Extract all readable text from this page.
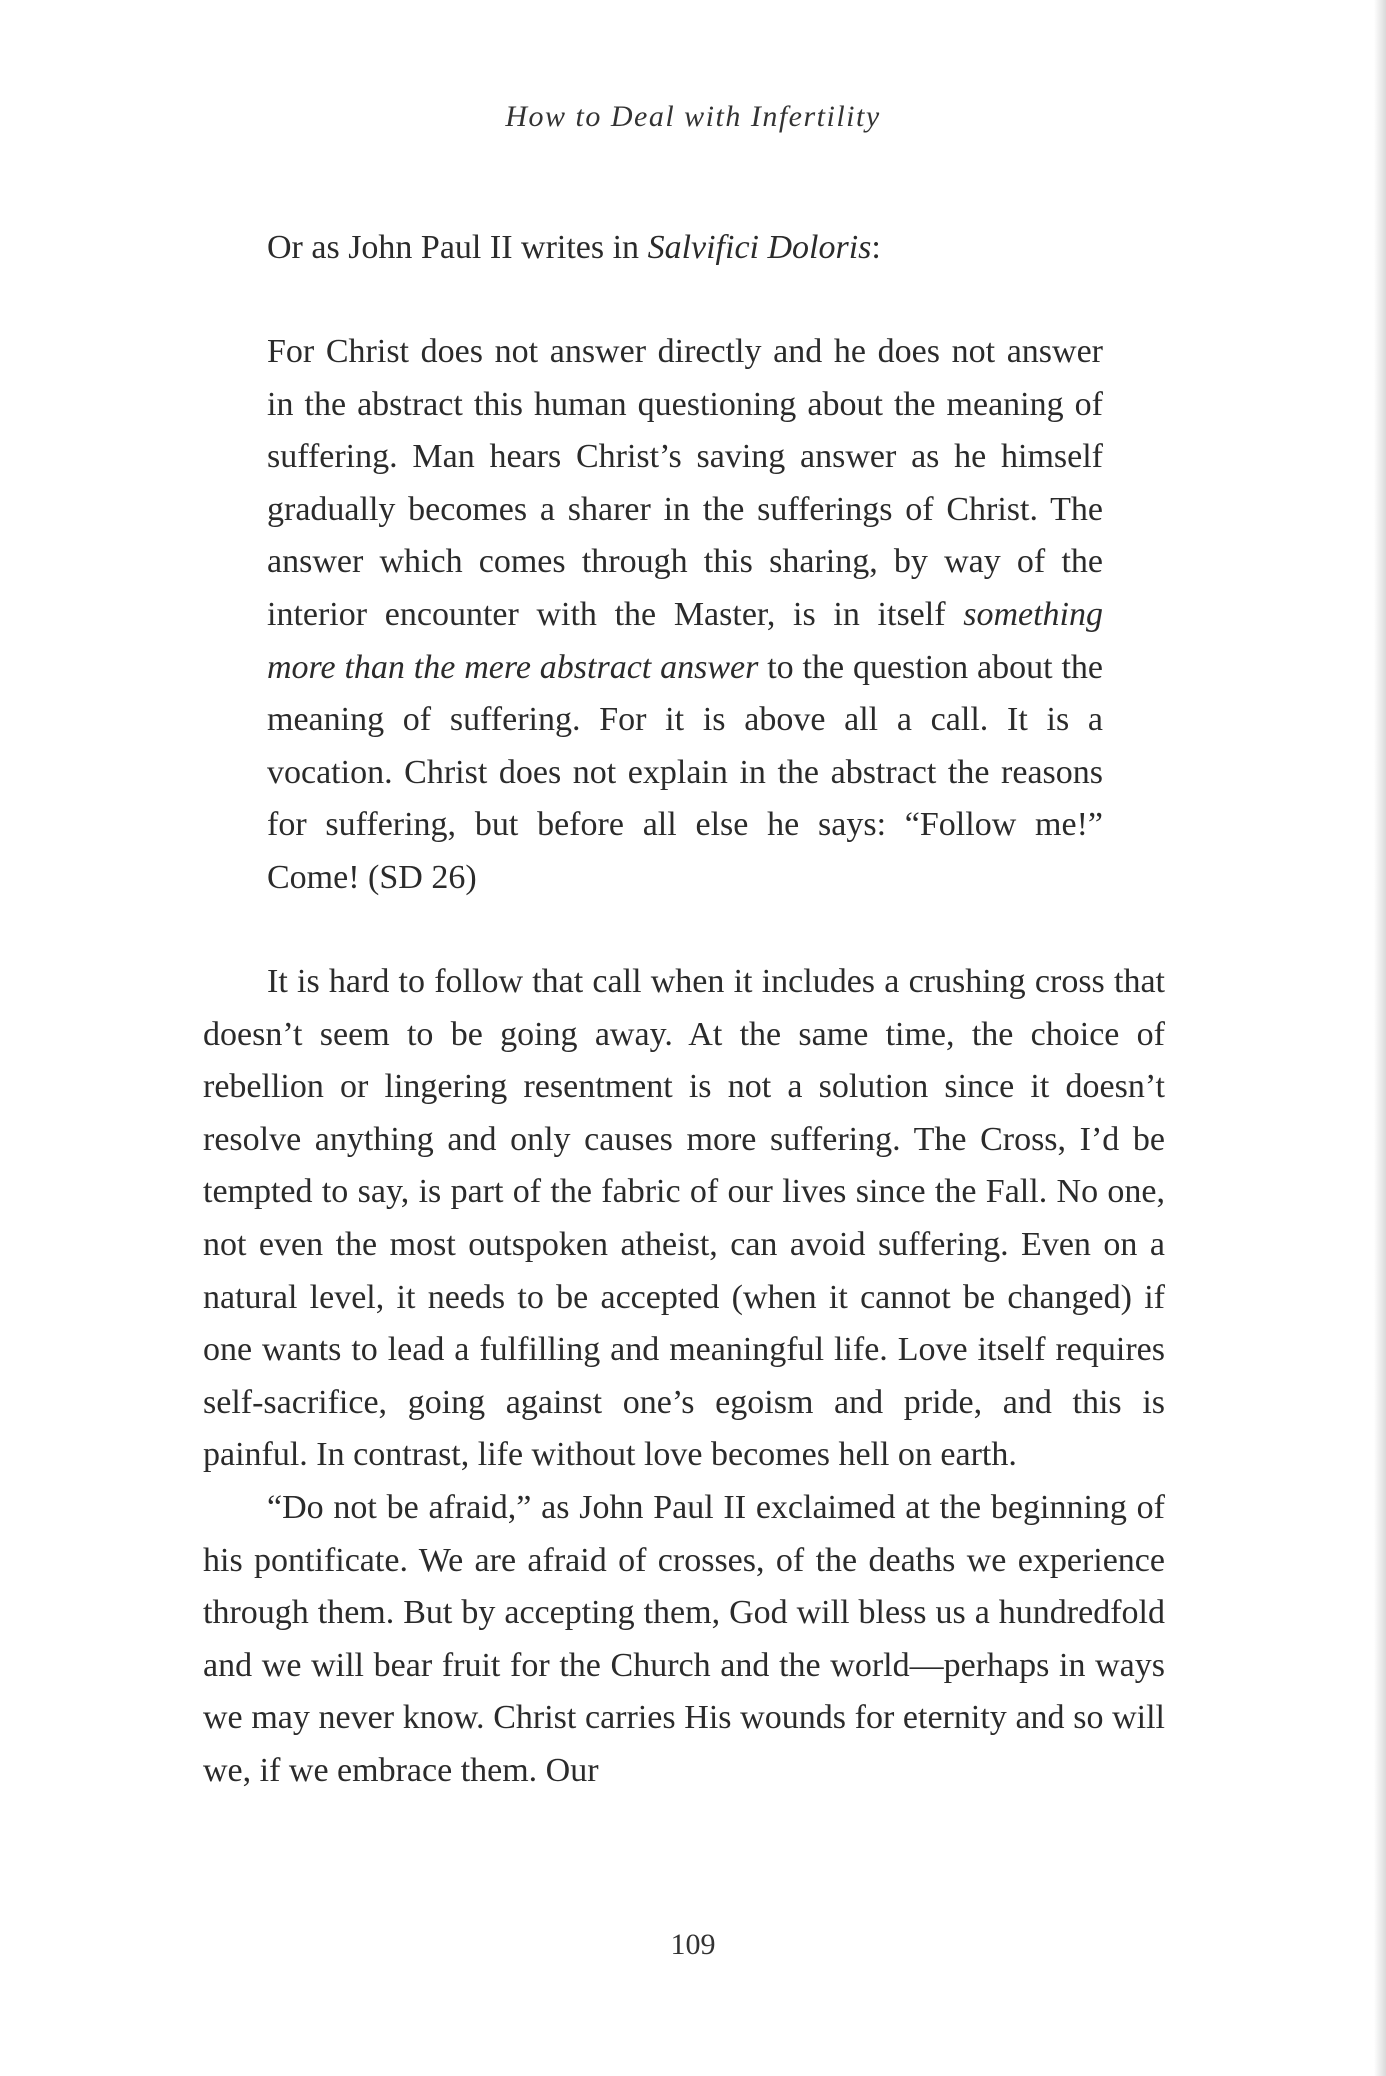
How to Deal with Infertility
Or as John Paul II writes in Salvifici Doloris:

For Christ does not answer directly and he does not answer in the abstract this human questioning about the meaning of suffering. Man hears Christ’s saving answer as he himself gradually becomes a sharer in the sufferings of Christ. The answer which comes through this sharing, by way of the interior encounter with the Master, is in itself something more than the mere abstract answer to the question about the meaning of suffering. For it is above all a call. It is a vocation. Christ does not explain in the abstract the reasons for suffering, but before all else he says: “Follow me!” Come! (SD 26)

It is hard to follow that call when it includes a crushing cross that doesn’t seem to be going away. At the same time, the choice of rebellion or lingering resentment is not a solution since it doesn’t resolve anything and only causes more suffering. The Cross, I’d be tempted to say, is part of the fabric of our lives since the Fall. No one, not even the most outspoken atheist, can avoid suffering. Even on a natural level, it needs to be accepted (when it cannot be changed) if one wants to lead a fulfilling and meaningful life. Love itself requires self-sacrifice, going against one’s egoism and pride, and this is painful. In contrast, life without love becomes hell on earth.

“Do not be afraid,” as John Paul II exclaimed at the beginning of his pontificate. We are afraid of crosses, of the deaths we experience through them. But by accepting them, God will bless us a hundredfold and we will bear fruit for the Church and the world—perhaps in ways we may never know. Christ carries His wounds for eternity and so will we, if we embrace them. Our

109
